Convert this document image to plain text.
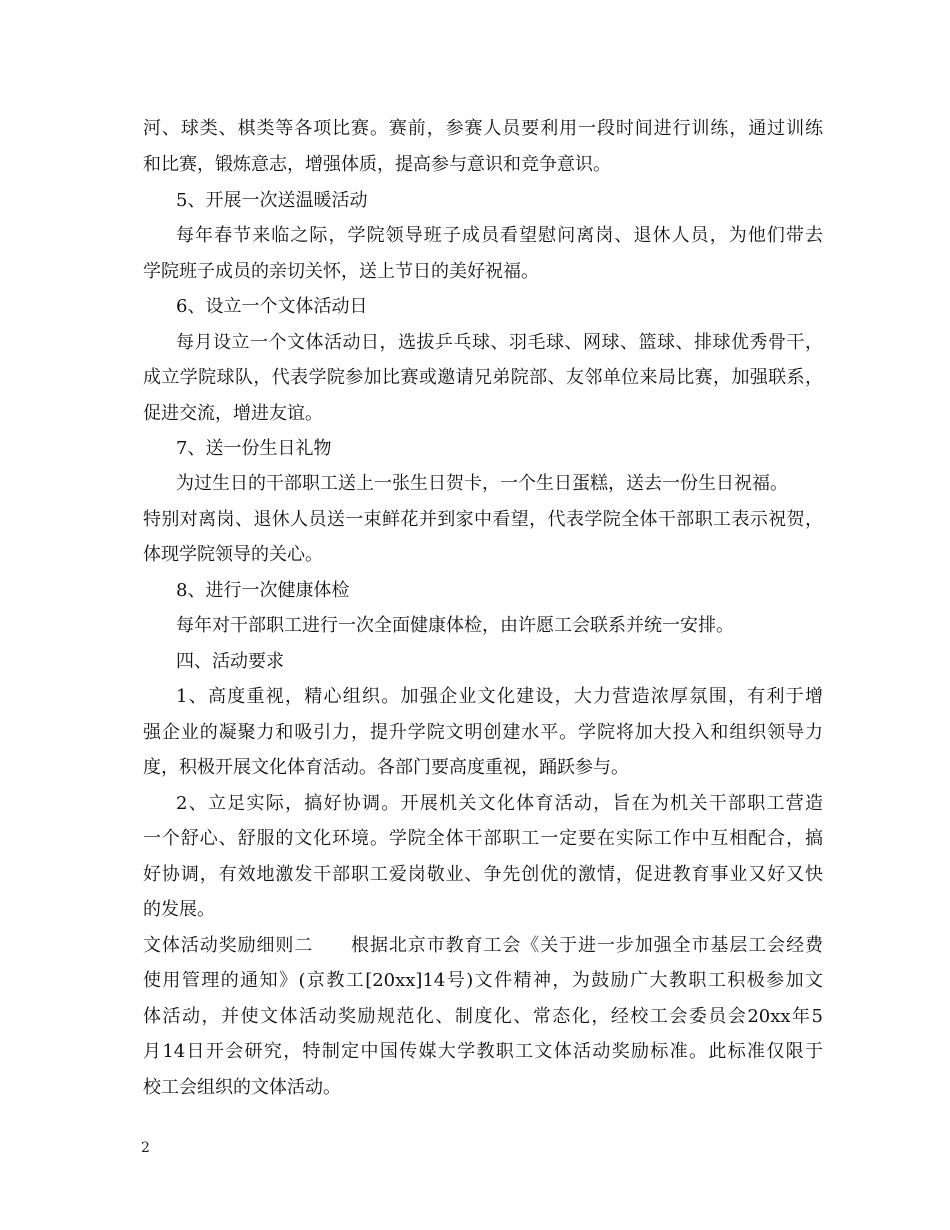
河、球类、棋类等各项比赛。赛前，参赛人员要利用一段时间进行训练，通过训练
和比赛，锻炼意志，增强体质，提高参与意识和竞争意识。
5、开展一次送温暖活动
每年春节来临之际，学院领导班子成员看望慰问离岗、退休人员，为他们带去
学院班子成员的亲切关怀，送上节日的美好祝福。
6、设立一个文体活动日
每月设立一个文体活动日，选拔乒乓球、羽毛球、网球、篮球、排球优秀骨干，
成立学院球队，代表学院参加比赛或邀请兄弟院部、友邻单位来局比赛，加强联系，
促进交流，增进友谊。
7、送一份生日礼物
为过生日的干部职工送上一张生日贺卡，一个生日蛋糕，送去一份生日祝福。
特别对离岗、退休人员送一束鲜花并到家中看望，代表学院全体干部职工表示祝贺，
体现学院领导的关心。
8、进行一次健康体检
每年对干部职工进行一次全面健康体检，由许愿工会联系并统一安排。
四、活动要求
1、高度重视，精心组织。加强企业文化建设，大力营造浓厚氛围，有利于增
强企业的凝聚力和吸引力，提升学院文明创建水平。学院将加大投入和组织领导力
度，积极开展文化体育活动。各部门要高度重视，踊跃参与。
2、立足实际，搞好协调。开展机关文化体育活动，旨在为机关干部职工营造
一个舒心、舒服的文化环境。学院全体干部职工一定要在实际工作中互相配合，搞
好协调，有效地激发干部职工爱岗敬业、争先创优的激情，促进教育事业又好又快
的发展。
文体活动奖励细则二　　根据北京市教育工会《关于进一步加强全市基层工会经费
使用管理的通知》(京教工[20xx]14号)文件精神，为鼓励广大教职工积极参加文
体活动，并使文体活动奖励规范化、制度化、常态化，经校工会委员会20xx年5
月14日开会研究，特制定中国传媒大学教职工文体活动奖励标准。此标准仅限于
校工会组织的文体活动。
2
